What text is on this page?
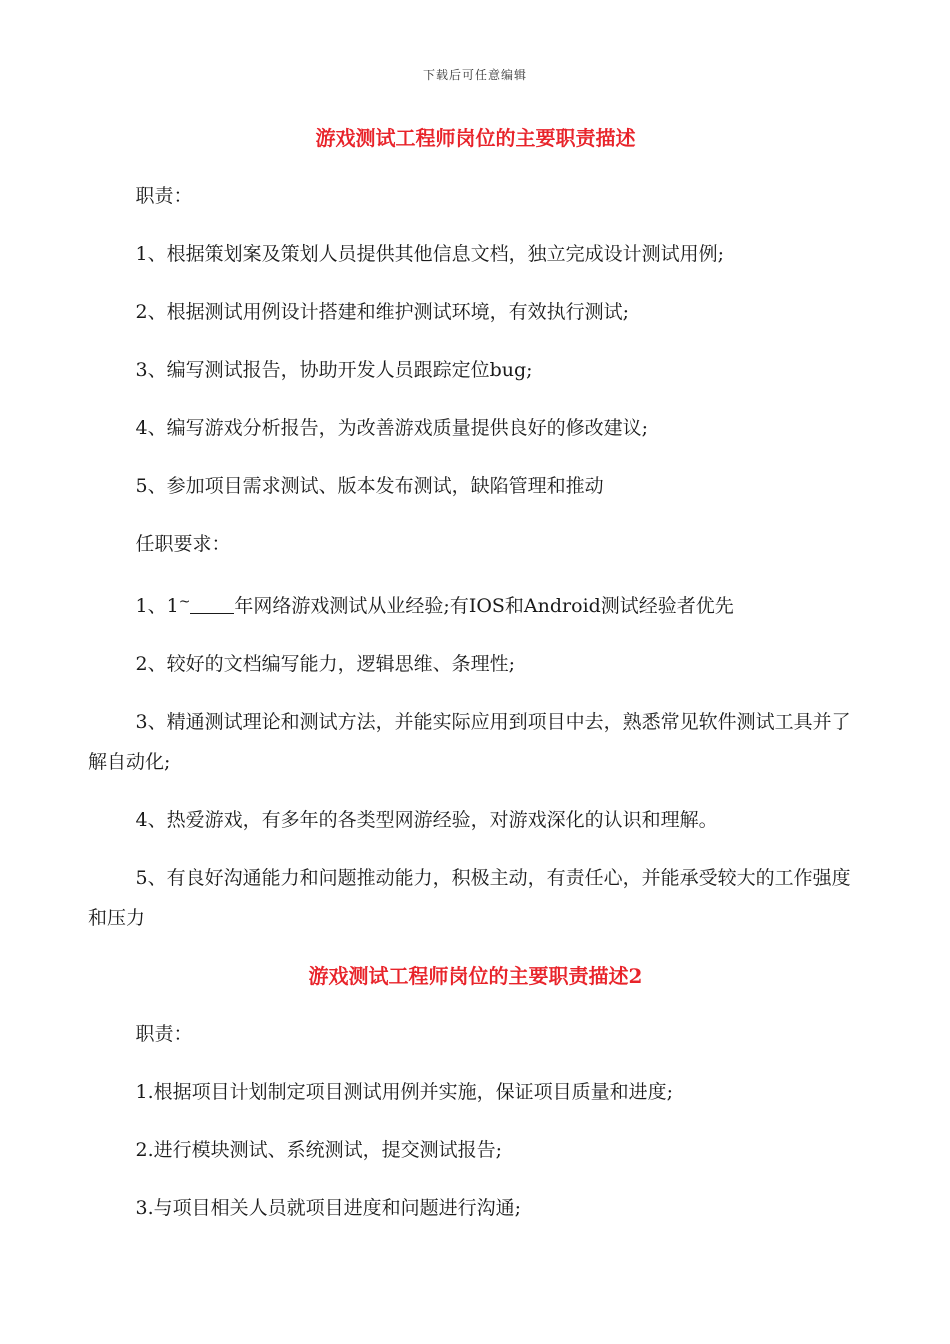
下载后可任意编辑
游戏测试工程师岗位的主要职责描述

职责：

1、根据策划案及策划人员提供其他信息文档，独立完成设计测试用例;

2、根据测试用例设计搭建和维护测试环境，有效执行测试;

3、编写测试报告，协助开发人员跟踪定位bug;

4、编写游戏分析报告，为改善游戏质量提供良好的修改建议;

5、参加项目需求测试、版本发布测试，缺陷管理和推动

任职要求：

1、1~ 年网络游戏测试从业经验;有IOS和Android测试经验者优先

2、较好的文档编写能力，逻辑思维、条理性;

3、精通测试理论和测试方法，并能实际应用到项目中去，熟悉常见软件测试工具并了解自动化;

4、热爱游戏，有多年的各类型网游经验，对游戏深化的认识和理解。

5、有良好沟通能力和问题推动能力，积极主动，有责任心，并能承受较大的工作强度和压力

游戏测试工程师岗位的主要职责描述2

职责：

1.根据项目计划制定项目测试用例并实施，保证项目质量和进度;

2.进行模块测试、系统测试，提交测试报告;

3.与项目相关人员就项目进度和问题进行沟通;
